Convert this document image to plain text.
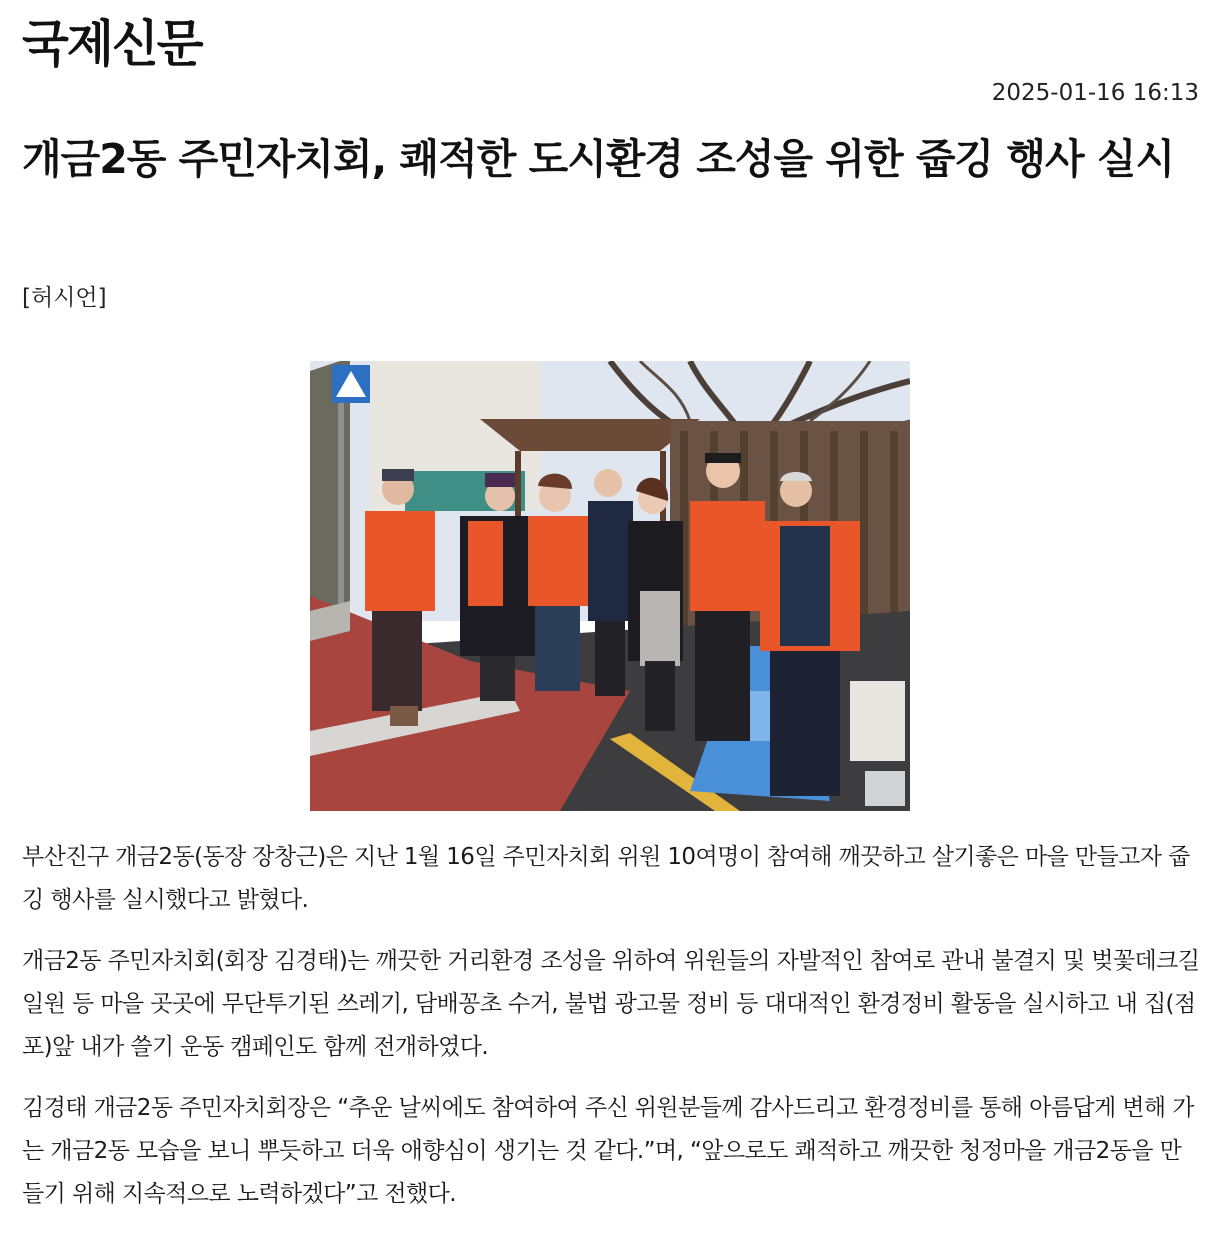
국제신문
2025-01-16 16:13
개금2동 주민자치회, 쾌적한 도시환경 조성을 위한 줍깅 행사 실시
[허시언]

부산진구 개금2동(동장 장창근)은 지난 1월 16일 주민자치회 위원 10여명이 참여해 깨끗하고 살기좋은 마을 만들고자 줍깅 행사를 실시했다고 밝혔다.

개금2동 주민자치회(회장 김경태)는 깨끗한 거리환경 조성을 위하여 위원들의 자발적인 참여로 관내 불결지 및 벚꽃데크길 일원 등 마을 곳곳에 무단투기된 쓰레기, 담배꽁초 수거, 불법 광고물 정비 등 대대적인 환경정비 활동을 실시하고 내 집(점포)앞 내가 쓸기 운동 캠페인도 함께 전개하였다.

김경태 개금2동 주민자치회장은 “추운 날씨에도 참여하여 주신 위원분들께 감사드리고 환경정비를 통해 아름답게 변해 가는 개금2동 모습을 보니 뿌듯하고 더욱 애향심이 생기는 것 같다.”며, “앞으로도 쾌적하고 깨끗한 청정마을 개금2동을 만들기 위해 지속적으로 노력하겠다”고 전했다.
